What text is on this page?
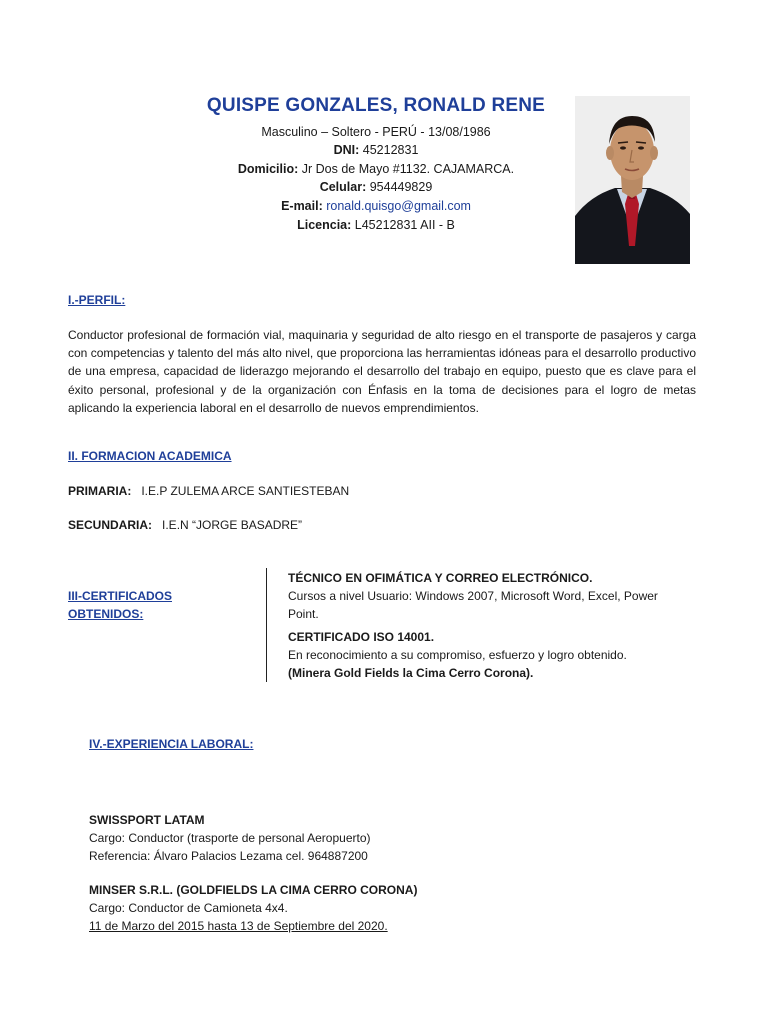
QUISPE GONZALES, RONALD RENE
Masculino – Soltero - PERÚ - 13/08/1986
DNI: 45212831
Domicilio: Jr Dos de Mayo #1132. CAJAMARCA.
Celular: 954449829
E-mail: ronald.quisgo@gmail.com
Licencia: L45212831 AII - B
I.-PERFIL:
Conductor profesional de formación vial, maquinaria y seguridad de alto riesgo en el transporte de pasajeros y carga con competencias y talento del más alto nivel, que proporciona las herramientas idóneas para el desarrollo productivo de una empresa, capacidad de liderazgo mejorando el desarrollo del trabajo en equipo, puesto que es clave para el éxito personal, profesional y de la organización con Énfasis en la toma de decisiones para el logro de metas aplicando la experiencia laboral en el desarrollo de nuevos emprendimientos.
II. FORMACION ACADEMICA
PRIMARIA: I.E.P ZULEMA ARCE SANTIESTEBAN
SECUNDARIA: I.E.N “JORGE BASADRE”
III-CERTIFICADOS
OBTENIDOS:
TÉCNICO EN OFIMÁTICA Y CORREO ELECTRÓNICO.
Cursos a nivel Usuario: Windows 2007, Microsoft Word, Excel, Power
Point.
CERTIFICADO ISO 14001.
En reconocimiento a su compromiso, esfuerzo y logro obtenido.
(Minera Gold Fields la Cima Cerro Corona).
IV.-EXPERIENCIA LABORAL:
SWISSPORT LATAM
Cargo: Conductor (trasporte de personal Aeropuerto)
Referencia: Álvaro Palacios Lezama cel. 964887200
MINSER S.R.L. (GOLDFIELDS LA CIMA CERRO CORONA)
Cargo: Conductor de Camioneta 4x4.
11 de Marzo del 2015 hasta 13 de Septiembre del 2020.
